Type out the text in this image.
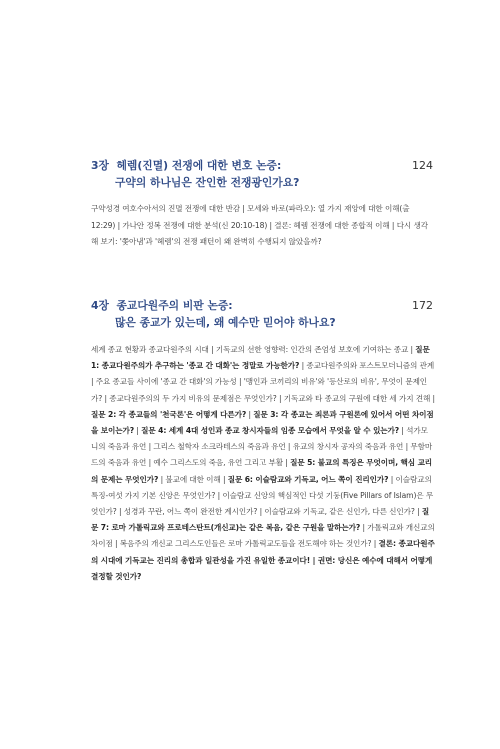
3장 헤렘(진멸) 전쟁에 대한 변호 논증:
구약의 하나님은 잔인한 전쟁광인가요?
124
구약성경 여호수아서의 진멸 전쟁에 대한 반감 | 모세와 바로(파라오): 열 가지 재앙에 대한 이해(출 12:29) | 가나안 정복 전쟁에 대한 분석(신 20:10-18) | 결론: 헤렘 전쟁에 대한 종합적 이해 | 다시 생각해 보기: '쫓아냄'과 '헤렘'의 전쟁 패턴이 왜 완벽히 수행되지 않았을까?
4장 종교다원주의 비판 논증:
많은 종교가 있는데, 왜 예수만 믿어야 하나요?
172
세계 종교 현황과 종교다원주의 시대 | 기독교의 선한 영향력: 인간의 존엄성 보호에 기여하는 종교 | 질문 1: 종교다원주의가 추구하는 '종교 간 대화'는 정말로 가능한가? | 종교다원주의와 포스트모더니즘의 관계 | 주요 종교들 사이에 '종교 간 대화'의 가능성 | '맹인과 코끼리의 비유'와 '등산로의 비유', 무엇이 문제인가? | 종교다원주의의 두 가지 비유의 문제점은 무엇인가? | 기독교와 타 종교의 구원에 대한 세 가지 견해 | 질문 2: 각 종교들의 '천국론'은 어떻게 다른가? | 질문 3: 각 종교는 죄론과 구원론에 있어서 어떤 차이점을 보이는가? | 질문 4: 세계 4대 성인과 종교 창시자들의 임종 모습에서 무엇을 알 수 있는가? | 석가모니의 죽음과 유언 | 그리스 철학자 소크라테스의 죽음과 유언 | 유교의 창시자 공자의 죽음과 유언 | 무함마드의 죽음과 유언 | 예수 그리스도의 죽음, 유언 그리고 부활 | 질문 5: 불교의 특징은 무엇이며, 핵심 교리의 문제는 무엇인가? | 불교에 대한 이해 | 질문 6: 이슬람교와 기독교, 어느 쪽이 진리인가? | 이슬람교의 특징-여섯 가지 기본 신앙은 무엇인가? | 이슬람교 신앙의 핵심적인 다섯 기둥(Five Pillars of Islam)은 무엇인가? | 성경과 꾸란, 어느 쪽이 완전한 계시인가? | 이슬람교와 기독교, 같은 신인가, 다른 신인가? | 질문 7: 로마 가톨릭교와 프로테스탄트(개신교)는 같은 복음, 같은 구원을 말하는가? | 가톨릭교와 개신교의 차이점 | 복음주의 개신교 그리스도인들은 로마 가톨릭교도들을 전도해야 하는 것인가? | 결론: 종교다원주의 시대에 기독교는 진리의 총합과 일관성을 가진 유일한 종교이다! | 권면: 당신은 예수에 대해서 어떻게 결정할 것인가?
